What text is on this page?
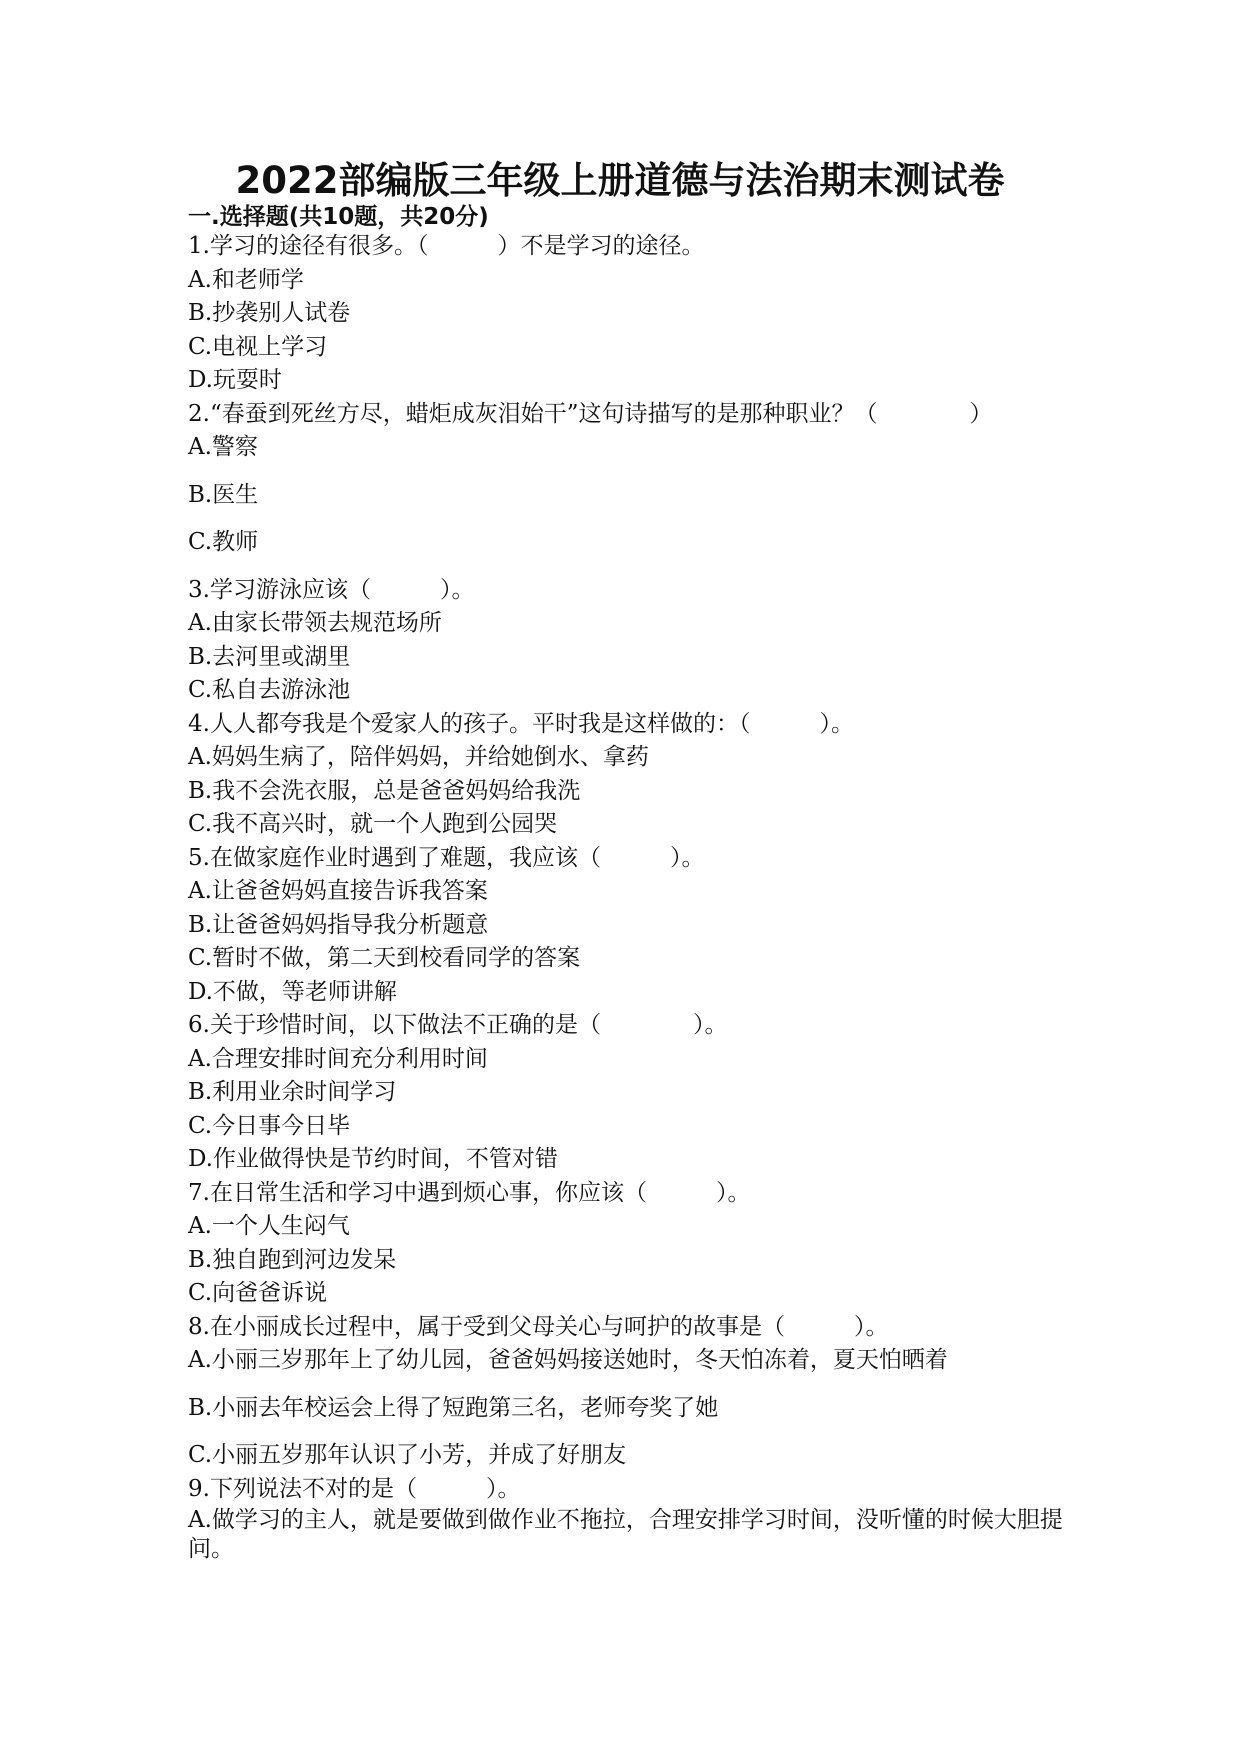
2022部编版三年级上册道德与法治期末测试卷
一.选择题(共10题，共20分)
1.学习的途径有很多。（　　　）不是学习的途径。
A.和老师学
B.抄袭别人试卷
C.电视上学习
D.玩耍时
2.“春蚕到死丝方尽，蜡炬成灰泪始干”这句诗描写的是那种职业？（　　　　）
A.警察
B.医生
C.教师
3.学习游泳应该（　　　）。
A.由家长带领去规范场所
B.去河里或湖里
C.私自去游泳池
4.人人都夸我是个爱家人的孩子。平时我是这样做的：（　　　）。
A.妈妈生病了，陪伴妈妈，并给她倒水、拿药
B.我不会洗衣服，总是爸爸妈妈给我洗
C.我不高兴时，就一个人跑到公园哭
5.在做家庭作业时遇到了难题，我应该（　　　）。
A.让爸爸妈妈直接告诉我答案
B.让爸爸妈妈指导我分析题意
C.暂时不做，第二天到校看同学的答案
D.不做，等老师讲解
6.关于珍惜时间，以下做法不正确的是（　　　　）。
A.合理安排时间充分利用时间
B.利用业余时间学习
C.今日事今日毕
D.作业做得快是节约时间，不管对错
7.在日常生活和学习中遇到烦心事，你应该（　　　）。
A.一个人生闷气
B.独自跑到河边发呆
C.向爸爸诉说
8.在小丽成长过程中，属于受到父母关心与呵护的故事是（　　　）。
A.小丽三岁那年上了幼儿园，爸爸妈妈接送她时，冬天怕冻着，夏天怕晒着
B.小丽去年校运会上得了短跑第三名，老师夸奖了她
C.小丽五岁那年认识了小芳，并成了好朋友
9.下列说法不对的是（　　　）。
A.做学习的主人，就是要做到做作业不拖拉，合理安排学习时间，没听懂的时候大胆提问。
